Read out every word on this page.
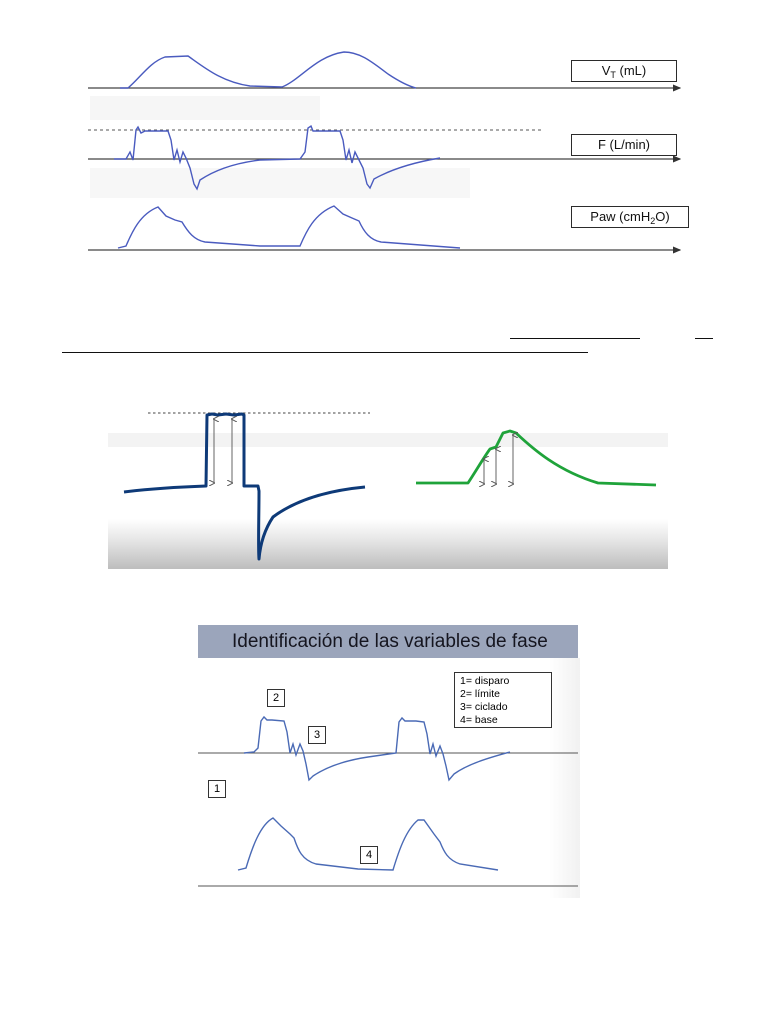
$V_T$ (mL)
F (L/min)
Paw (cmH$_2$O)
Identificación de las variables de fase
1= disparo
2= límite
3= ciclado
4= base
2
3
1
4
